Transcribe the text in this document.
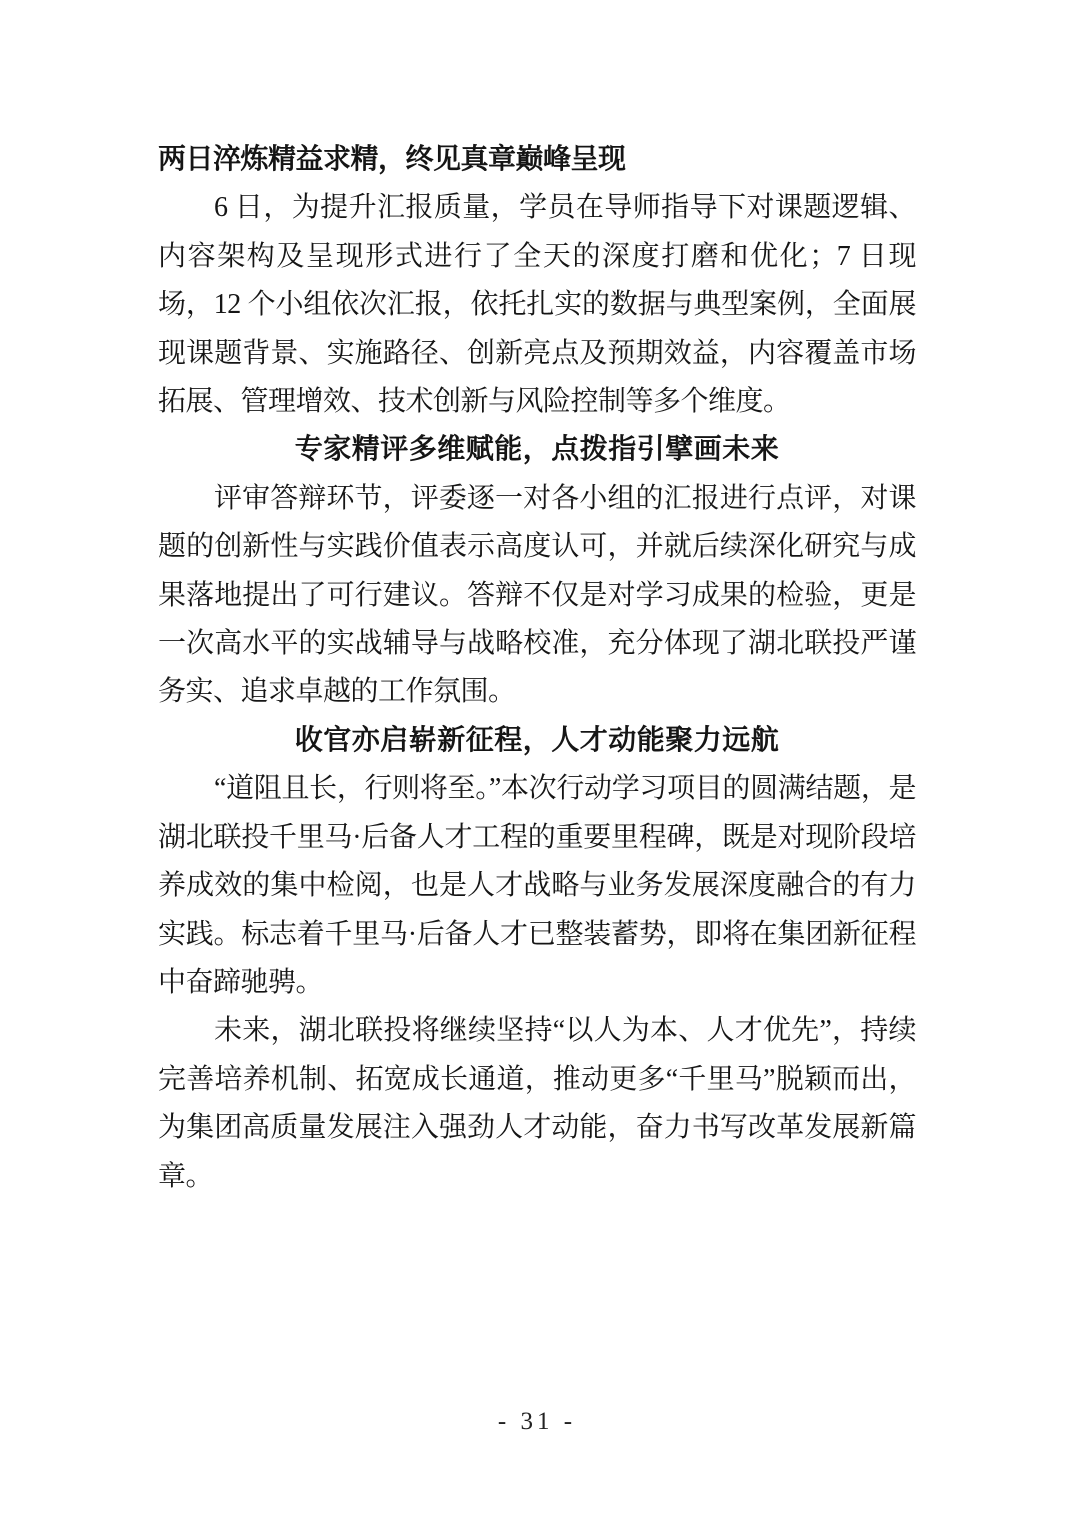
两日淬炼精益求精，终见真章巅峰呈现
6 日，为提升汇报质量，学员在导师指导下对课题逻辑、内容架构及呈现形式进行了全天的深度打磨和优化；7 日现场，12 个小组依次汇报，依托扎实的数据与典型案例，全面展现课题背景、实施路径、创新亮点及预期效益，内容覆盖市场拓展、管理增效、技术创新与风险控制等多个维度。
专家精评多维赋能，点拨指引擘画未来
评审答辩环节，评委逐一对各小组的汇报进行点评，对课题的创新性与实践价值表示高度认可，并就后续深化研究与成果落地提出了可行建议。答辩不仅是对学习成果的检验，更是一次高水平的实战辅导与战略校准，充分体现了湖北联投严谨务实、追求卓越的工作氛围。
收官亦启崭新征程，人才动能聚力远航
“道阻且长，行则将至。”本次行动学习项目的圆满结题，是湖北联投千里马·后备人才工程的重要里程碑，既是对现阶段培养成效的集中检阅，也是人才战略与业务发展深度融合的有力实践。标志着千里马·后备人才已整装蓄势，即将在集团新征程中奋蹄驰骋。
未来，湖北联投将继续坚持“以人为本、人才优先”，持续完善培养机制、拓宽成长通道，推动更多“千里马”脱颖而出，为集团高质量发展注入强劲人才动能，奋力书写改革发展新篇章。
- 31 -
